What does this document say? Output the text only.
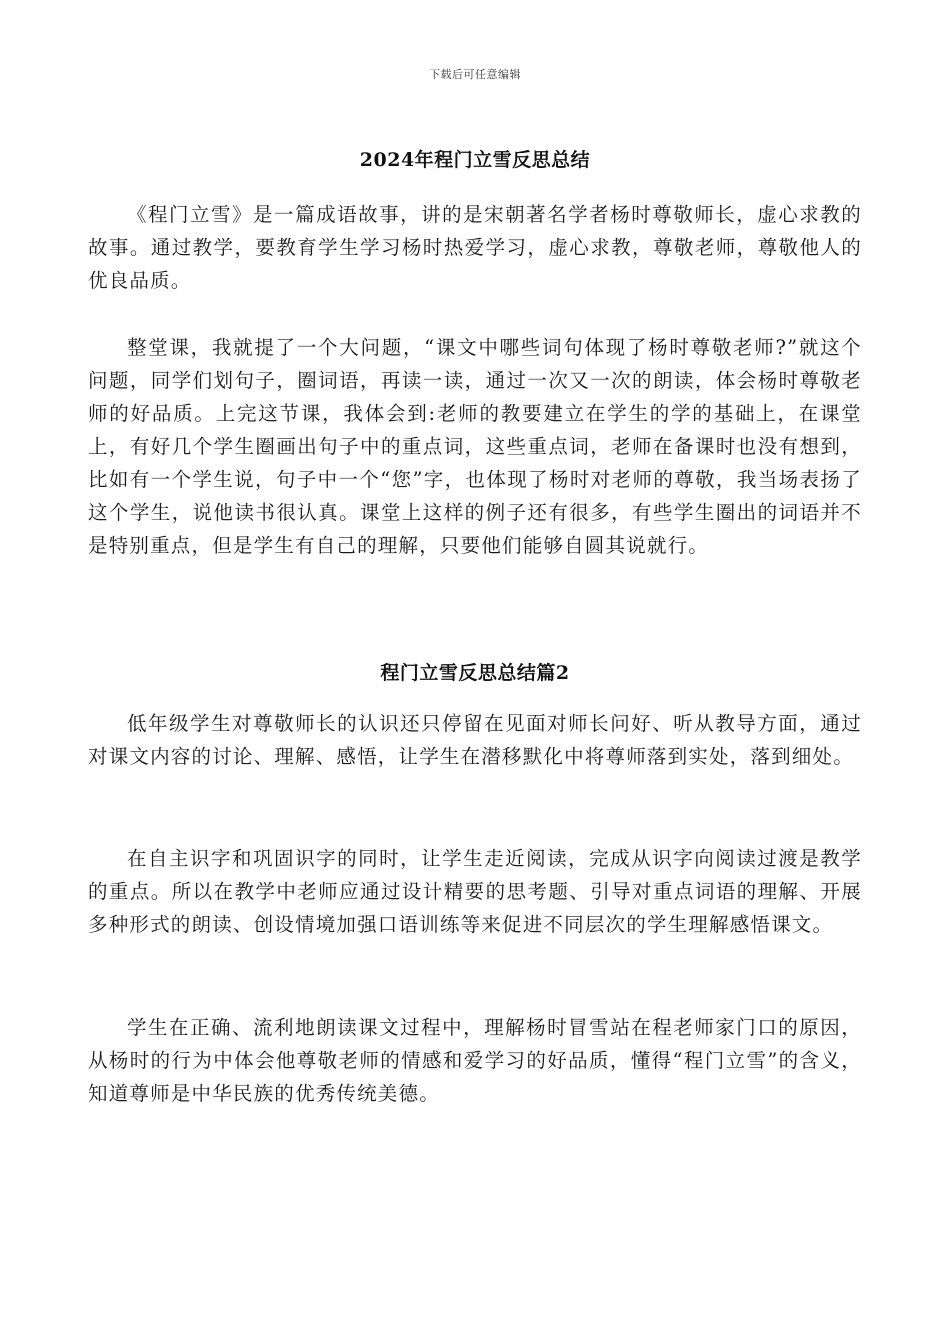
下载后可任意编辑
2024年程门立雪反思总结

《程门立雪》是一篇成语故事，讲的是宋朝著名学者杨时尊敬师长，虚心求教的故事。通过教学，要教育学生学习杨时热爱学习，虚心求教，尊敬老师，尊敬他人的优良品质。

整堂课，我就提了一个大问题，“课文中哪些词句体现了杨时尊敬老师?”就这个问题，同学们划句子，圈词语，再读一读，通过一次又一次的朗读，体会杨时尊敬老师的好品质。上完这节课，我体会到:老师的教要建立在学生的学的基础上，在课堂上，有好几个学生圈画出句子中的重点词，这些重点词，老师在备课时也没有想到，比如有一个学生说，句子中一个“您”字，也体现了杨时对老师的尊敬，我当场表扬了这个学生，说他读书很认真。课堂上这样的例子还有很多，有些学生圈出的词语并不是特别重点，但是学生有自己的理解，只要他们能够自圆其说就行。

程门立雪反思总结篇2

低年级学生对尊敬师长的认识还只停留在见面对师长问好、听从教导方面，通过对课文内容的讨论、理解、感悟，让学生在潜移默化中将尊师落到实处，落到细处。

在自主识字和巩固识字的同时，让学生走近阅读，完成从识字向阅读过渡是教学的重点。所以在教学中老师应通过设计精要的思考题、引导对重点词语的理解、开展多种形式的朗读、创设情境加强口语训练等来促进不同层次的学生理解感悟课文。

学生在正确、流利地朗读课文过程中，理解杨时冒雪站在程老师家门口的原因，从杨时的行为中体会他尊敬老师的情感和爱学习的好品质，懂得“程门立雪”的含义，知道尊师是中华民族的优秀传统美德。
